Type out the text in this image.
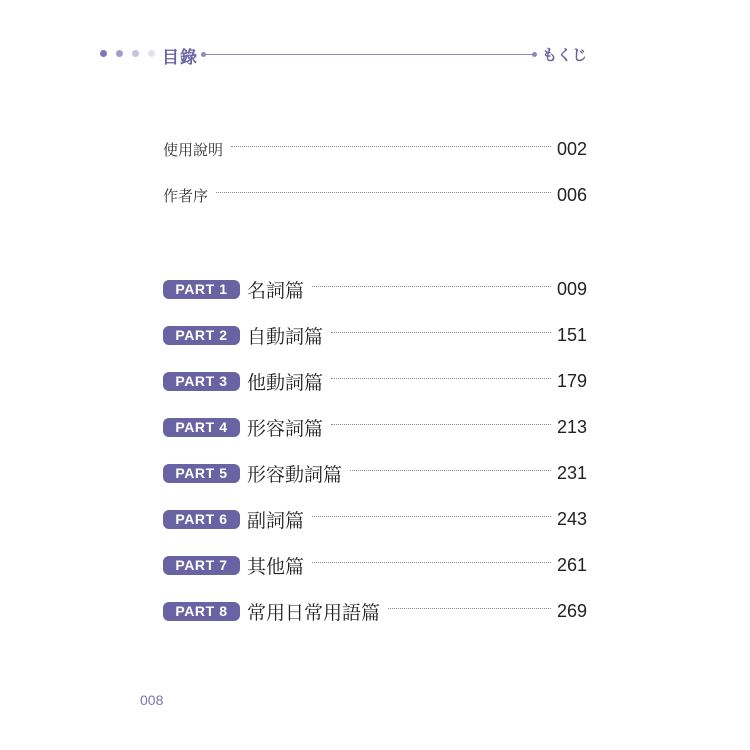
目錄	もくじ
使用說明	002
作者序	006
PART 1	名詞篇	009
PART 2	自動詞篇	151
PART 3	他動詞篇	179
PART 4	形容詞篇	213
PART 5	形容動詞篇	231
PART 6	副詞篇	243
PART 7	其他篇	261
PART 8	常用日常用語篇	269
008
